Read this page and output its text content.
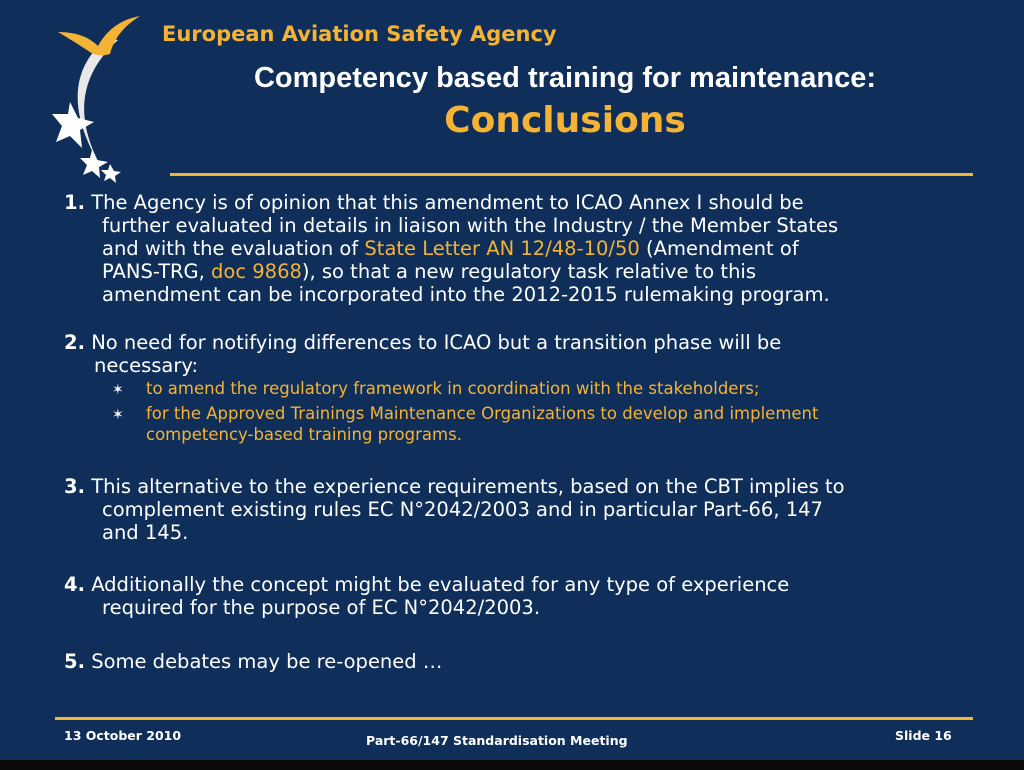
European Aviation Safety Agency
Competency based training for maintenance:
Conclusions
1. The Agency is of opinion that this amendment to ICAO Annex I should be
further evaluated in details in liaison with the Industry / the Member States
and with the evaluation of State Letter AN 12/48-10/50 (Amendment of
PANS-TRG, doc 9868), so that a new regulatory task relative to this
amendment can be incorporated into the 2012-2015 rulemaking program.
2. No need for notifying differences to ICAO but a transition phase will be
necessary:
✶ to amend the regulatory framework in coordination with the stakeholders;
✶ for the Approved Trainings Maintenance Organizations to develop and implement
competency-based training programs.
3. This alternative to the experience requirements, based on the CBT implies to
complement existing rules EC N°2042/2003 and in particular Part-66, 147
and 145.
4. Additionally the concept might be evaluated for any type of experience
required for the purpose of EC N°2042/2003.
5. Some debates may be re-opened …
13 October 2010	Part-66/147 Standardisation Meeting	Slide 16
